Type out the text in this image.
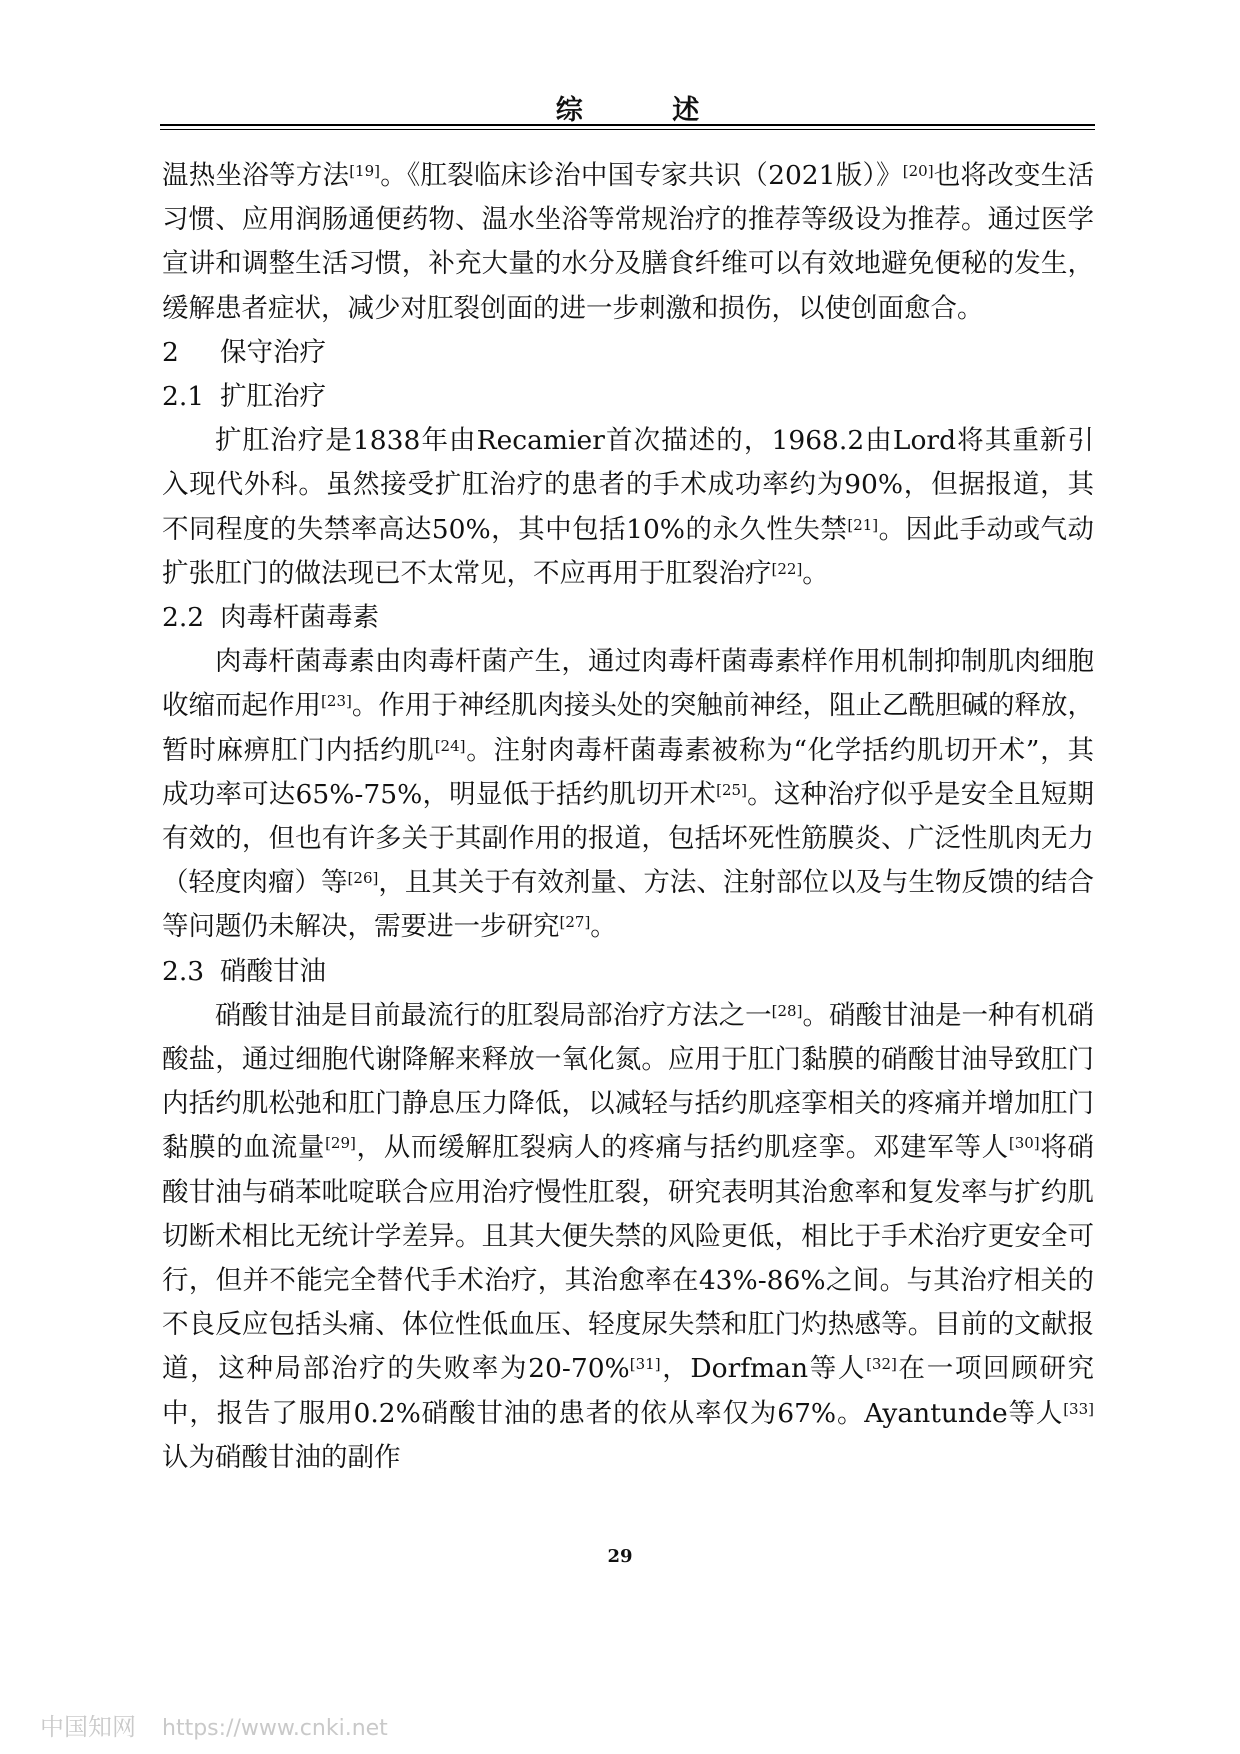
综 述

温热坐浴等方法[19]。《肛裂临床诊治中国专家共识（2021版）》[20]也将改变生活习惯、应用润肠通便药物、温水坐浴等常规治疗的推荐等级设为推荐。通过医学宣讲和调整生活习惯，补充大量的水分及膳食纤维可以有效地避免便秘的发生，缓解患者症状，减少对肛裂创面的进一步刺激和损伤，以使创面愈合。

2 保守治疗
2.1 扩肛治疗

扩肛治疗是1838年由Recamier首次描述的，1968.2由Lord将其重新引入现代外科。虽然接受扩肛治疗的患者的手术成功率约为90%，但据报道，其不同程度的失禁率高达50%，其中包括10%的永久性失禁[21]。因此手动或气动扩张肛门的做法现已不太常见，不应再用于肛裂治疗[22]。

2.2 肉毒杆菌毒素

肉毒杆菌毒素由肉毒杆菌产生，通过肉毒杆菌毒素样作用机制抑制肌肉细胞收缩而起作用[23]。作用于神经肌肉接头处的突触前神经，阻止乙酰胆碱的释放，暂时麻痹肛门内括约肌[24]。注射肉毒杆菌毒素被称为“化学括约肌切开术”，其成功率可达65%-75%，明显低于括约肌切开术[25]。这种治疗似乎是安全且短期有效的，但也有许多关于其副作用的报道，包括坏死性筋膜炎、广泛性肌肉无力（轻度肉瘤）等[26]，且其关于有效剂量、方法、注射部位以及与生物反馈的结合等问题仍未解决，需要进一步研究[27]。

2.3 硝酸甘油

硝酸甘油是目前最流行的肛裂局部治疗方法之一[28]。硝酸甘油是一种有机硝酸盐，通过细胞代谢降解来释放一氧化氮。应用于肛门黏膜的硝酸甘油导致肛门内括约肌松弛和肛门静息压力降低，以减轻与括约肌痉挛相关的疼痛并增加肛门黏膜的血流量[29]，从而缓解肛裂病人的疼痛与括约肌痉挛。邓建军等人[30]将硝酸甘油与硝苯吡啶联合应用治疗慢性肛裂，研究表明其治愈率和复发率与扩约肌切断术相比无统计学差异。且其大便失禁的风险更低，相比于手术治疗更安全可行，但并不能完全替代手术治疗，其治愈率在43%-86%之间。与其治疗相关的不良反应包括头痛、体位性低血压、轻度尿失禁和肛门灼热感等。目前的文献报道，这种局部治疗的失败率为20-70%[31]，Dorfman等人[32]在一项回顾研究中，报告了服用0.2%硝酸甘油的患者的依从率仅为67%。Ayantunde等人[33]认为硝酸甘油的副作

29
中国知网 https://www.cnki.net
